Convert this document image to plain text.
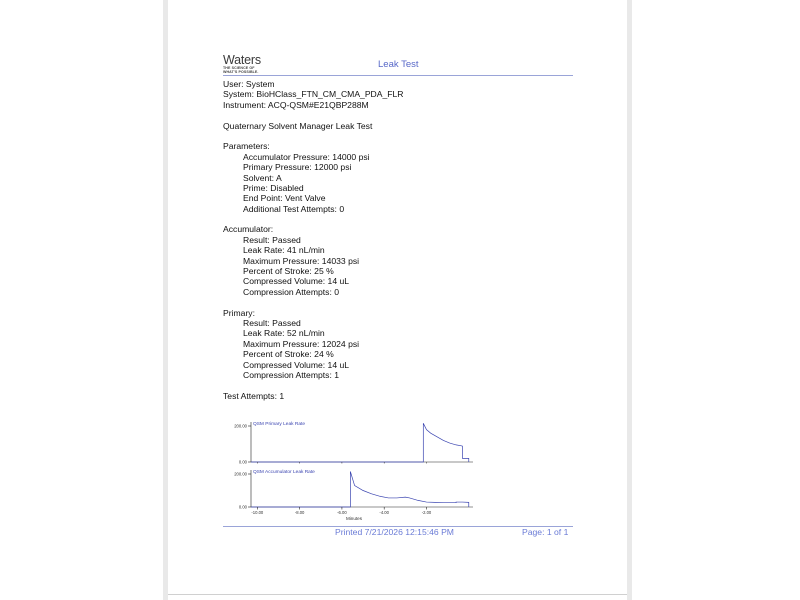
Waters
THE SCIENCE OF
WHAT'S POSSIBLE.
Leak Test
User: System
System: BioHClass_FTN_CM_CMA_PDA_FLR
Instrument: ACQ-QSM#E21QBP288M
Quaternary Solvent Manager Leak Test
Parameters:
Accumulator Pressure: 14000 psi
Primary Pressure: 12000 psi
Solvent: A
Prime: Disabled
End Point: Vent Valve
Additional Test Attempts: 0
Accumulator:
Result: Passed
Leak Rate: 41 nL/min
Maximum Pressure: 14033 psi
Percent of Stroke: 25 %
Compressed Volume: 14 uL
Compression Attempts: 0
Primary:
Result: Passed
Leak Rate: 52 nL/min
Maximum Pressure: 12024 psi
Percent of Stroke: 24 %
Compressed Volume: 14 uL
Compression Attempts: 1
Test Attempts: 1
0.00
200.00 QSM Primary Leak Rate
0.00
200.00 QSM Accumulator Leak Rate
-10.00	-8.00	-6.00	-4.00	-2.00
Minutes
Printed 7/21/2026 12:15:46 PM	Page: 1 of 1
